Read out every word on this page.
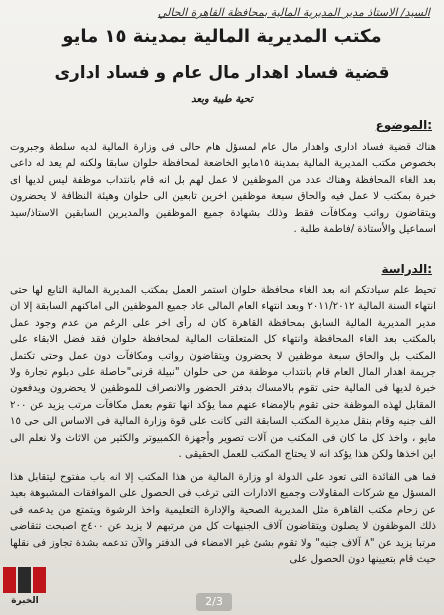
السيد/ الاستاذ مدير المديرية المالية بمحافظة القاهرة الحالي
مكتب المديرية المالية بمدينة ١٥ مايو
قضية فساد اهدار مال عام و فساد ادارى
تحية طيبة وبعد
الموضوع:
هناك قضية فساد ادارى واهدار مال عام لمسؤل هام حالى فى وزارة المالية لديه سلطة وجبروت بخصوص مكتب المديرية المالية بمدينة ١٥مايو الخاضعة لمحافظة حلوان سابقا ولكنه لم يعد له داعى بعد الغاء المحافظة وهناك عدد من الموظفين لا عمل لهم بل انه قام بانتداب موظفة ليس لديها اى خبرة بمكتب لا عمل فيه والحاق سبعة موظفين اخرين تابعين الى حلوان وهيئة النظافة لا يحضرون ويتقاضون رواتب ومكافآت فقط وذلك بشهادة جميع الموظفين والمديرين السابقين الاستاذ/سيد اسماعيل والأستاذة /فاطمة طلبة .
الدراسة:
تحيط علم سيادتكم انه بعد الغاء محافظة حلوان استمر العمل بمكتب المديرية المالية التابع لها حتى انتهاء السنة المالية ٢٠١١/٢٠١٢ وبعد انتهاء العام المالى عاد جميع الموظفين الى اماكنهم السابقة إلا ان مدير المديرية المالية السابق بمحافظة القاهرة كان له رأى اخر على الرغم من عدم وجود عمل بالمكتب بعد الغاء المحافظة وانتهاء كل المتعلقات المالية لمحافظة حلوان فقد فضل الابقاء على المكتب بل والحاق سبعة موظفين لا يحضرون ويتقاضون رواتب ومكافآت دون عمل وحتى تكتمل جريمة اهدار المال العام قام بانتداب موظفة من حى حلوان "نبيلة قرنى"حاصلة على دبلوم تجارة ولا خبرة لديها فى المالية حتى تقوم بالامساك بدفتر الحضور والانصراف للموظفين لا يحضرون ويدفعون المقابل لهذه الموظفة حتى تقوم بالإمضاء عنهم مما يؤكد انها تقوم بعمل مكافآت مرتب يزيد عن ٢٠٠ الف جنيه وقام بنقل مديرة المكتب السابقة التى كانت على قوة وزارة المالية فى الاساس الى حى ١٥ مايو ، واخذ كل ما كان فى المكتب من آلات تصوير وأجهزة الكمبيوتر والكثير من الاثاث ولا نعلم الى اين اخذها ولكن هذا يؤكد انه لا يحتاج المكتب للعمل الحقيقى .
فما هى الفائدة التى تعود على الدولة او وزارة المالية من هذا المكتب إلا انه باب مفتوح ليتقابل هذا المسؤل مع شركات المقاولات وجميع الادارات التى ترغب فى الحصول على الموافقات المشبوهة بعيد عن زحام مكتب القاهرة مثل المديرية الصحية والإدارة التعليمية واخذ الرشوة ويتمتع من يدعمه فى ذلك الموظفون لا يصلون ويتقاضون آلاف الجنيهات كل من مرتبهم لا يزيد عن ٤٠٠ج اصبحت تتقاضى مرتبا يزيد عن "٨ آلاف جنيه" ولا تقوم بشئ غير الامضاء فى الدفتر والآن تدعمه بشدة تجاوز فى نقلها حيث قام بتعيينها دون الحصول على
الخبرة	2/3
